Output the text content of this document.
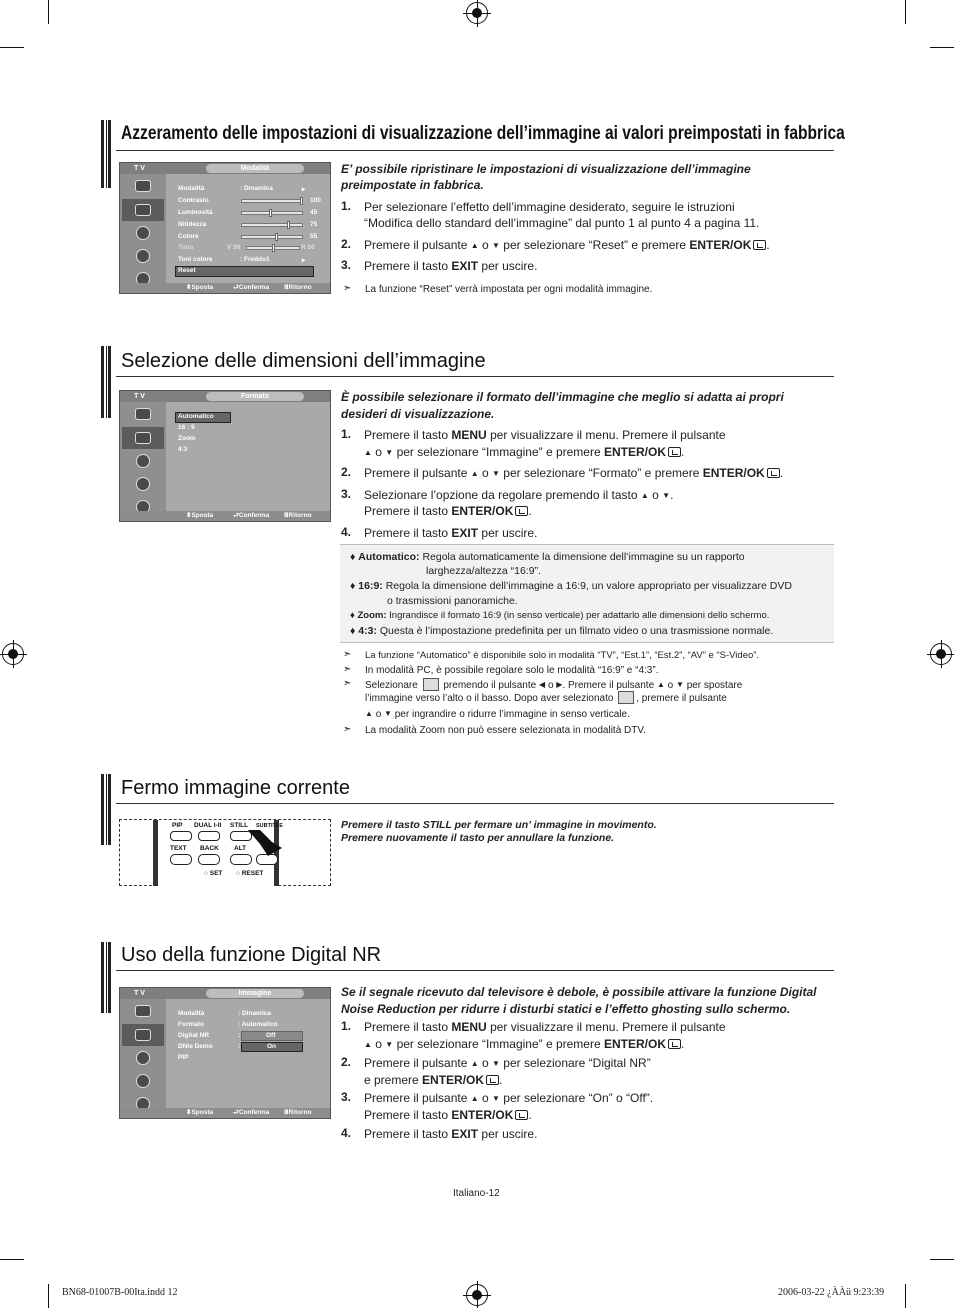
Azzeramento delle impostazioni di visualizzazione dell’immagine ai valori preimpostati in fabbrica
T V	Modalità
Modalità	: Dinamica	▸
Contrasto	100
Luminosità	45
Nitidezza	75
Colore	55
Tinta	V 50	R 50
Toni colore	: Freddo1	▸
Reset
⬍Sposta	⮐Conferma ⅢRitorno
E’ possibile ripristinare le impostazioni di visualizzazione dell’immagine
preimpostate in fabbrica.
1. Per selezionare l’effetto dell’immagine desiderato, seguire le istruzioni
“Modifica dello standard dell’immagine” dal punto 1 al punto 4 a pagina 11.
2. Premere il pulsante ▲ o ▼ per selezionare “Reset” e premere ENTER/OK .
3. Premere il tasto EXIT per uscire.
➣ La funzione “Reset” verrà impostata per ogni modalità immagine.
Selezione delle dimensioni dell’immagine
T V	Formato
Automatico
16 : 9
Zoom
4:3
⬍Sposta	⮐Conferma ⅢRitorno
È possibile selezionare il formato dell’immagine che meglio si adatta ai propri
desideri di visualizzazione.
1. Premere il tasto MENU per visualizzare il menu. Premere il pulsante
▲ o ▼ per selezionare “Immagine” e premere ENTER/OK .
2. Premere il pulsante ▲ o ▼ per selezionare “Formato” e premere ENTER/OK .
3. Selezionare l’opzione da regolare premendo il tasto ▲ o ▼.
Premere il tasto ENTER/OK .
4. Premere il tasto EXIT per uscire.
♦ Automatico: Regola automaticamente la dimensione dell’immagine su un rapporto
larghezza/altezza “16:9”.
♦ 16:9: Regola la dimensione dell’immagine a 16:9, un valore appropriato per visualizzare DVD
o trasmissioni panoramiche.
♦ Zoom: Ingrandisce il formato 16:9 (in senso verticale) per adattarlo alle dimensioni dello schermo.
♦ 4:3: Questa è l’impostazione predefinita per un filmato video o una trasmissione normale.
➣ La funzione “Automatico” è disponibile solo in modalità “TV”, “Est.1”, “Est.2”, “AV” e “S-Video”.
➣ In modalità PC, è possibile regolare solo le modalità “16:9” e “4:3”.
➣ Selezionare	premendo il pulsante ◀ o ▶. Premere il pulsante ▲ o ▼ per spostare
l’immagine verso l’alto o il basso. Dopo aver selezionato , premere il pulsante
▲ o ▼ per ingrandire o ridurre l’immagine in senso verticale.
➣ La modalità Zoom non può essere selezionata in modalità DTV.
Fermo immagine corrente
PIP DUAL I-II STILL SUBTITLE
TEXT BACK ALT
○ SET ○ RESET
Premere il tasto STILL per fermare un’ immagine in movimento.
Premere nuovamente il tasto per annullare la funzione.
Uso della funzione Digital NR
T V	Immagine
Modalità	: Dinamica
Formato	: Automatico
Digital NR	:	Off
DNIe Demo	:	On
PIP
⬍Sposta	⮐Conferma ⅢRitorno
Se il segnale ricevuto dal televisore è debole, è possibile attivare la funzione Digital
Noise Reduction per ridurre i disturbi statici e l’effetto ghosting sullo schermo.
1. Premere il tasto MENU per visualizzare il menu. Premere il pulsante
▲ o ▼ per selezionare “Immagine” e premere ENTER/OK .
2. Premere il pulsante ▲ o ▼ per selezionare “Digital NR”
e premere ENTER/OK .
3. Premere il pulsante ▲ o ▼ per selezionare “On” o “Off”.
Premere il tasto ENTER/OK .
4. Premere il tasto EXIT per uscire.
Italiano-12
BN68-01007B-00Ita.indd 12	2006-03-22 ¿ÀÀü 9:23:39
